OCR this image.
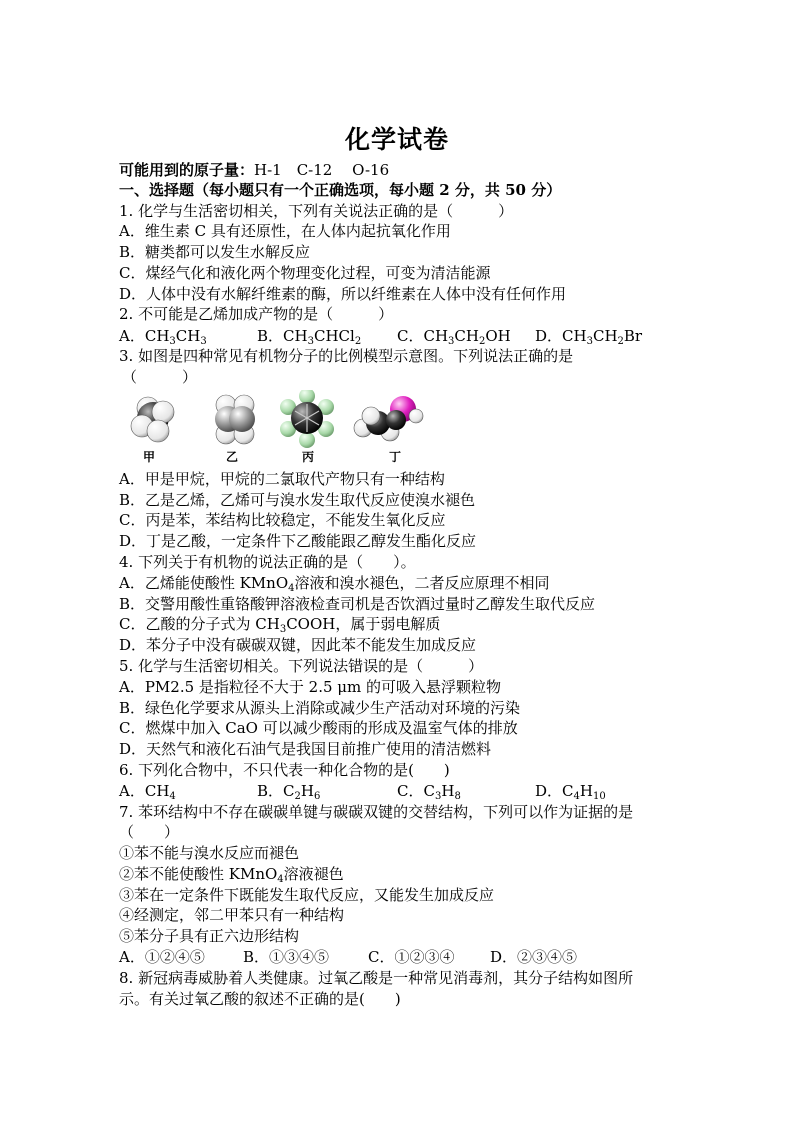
化学试卷
可能用到的原子量：H-1　C-12　 O-16
一、选择题（每小题只有一个正确选项，每小题 2 分，共 50 分）
1. 化学与生活密切相关，下列有关说法正确的是（　　　）
A．维生素 C 具有还原性，在人体内起抗氧化作用
B．糖类都可以发生水解反应
C．煤经气化和液化两个物理变化过程，可变为清洁能源
D．人体中没有水解纤维素的酶，所以纤维素在人体中没有任何作用
2. 不可能是乙烯加成产物的是（　　　）
A．$CH_3CH_3$	B．$CH_3CHCl_2$ C．$CH_3CH_2OH$ D．$CH_3CH_2Br$
3. 如图是四种常见有机物分子的比例模型示意图。下列说法正确的是
（　　　）
甲	乙	丙	丁
A．甲是甲烷，甲烷的二氯取代产物只有一种结构
B．乙是乙烯，乙烯可与溴水发生取代反应使溴水褪色
C．丙是苯，苯结构比较稳定，不能发生氧化反应
D．丁是乙酸，一定条件下乙酸能跟乙醇发生酯化反应
4. 下列关于有机物的说法正确的是（　　）。
A．乙烯能使酸性 KMnO$_4$溶液和溴水褪色，二者反应原理不相同
B．交警用酸性重铬酸钾溶液检查司机是否饮酒过量时乙醇发生取代反应
C．乙酸的分子式为 $CH_3COOH$，属于弱电解质
D．苯分子中没有碳碳双键，因此苯不能发生加成反应
5. 化学与生活密切相关。下列说法错误的是（　　　）
A．PM2.5 是指粒径不大于 2.5 μm 的可吸入悬浮颗粒物
B．绿色化学要求从源头上消除或减少生产活动对环境的污染
C．燃煤中加入 CaO 可以减少酸雨的形成及温室气体的排放
D．天然气和液化石油气是我国目前推广使用的清洁燃料
6. 下列化合物中，不只代表一种化合物的是(　　)
A．$CH_4$	B．$C_2H_6$	C．$C_3H_8$	D．$C_4H_{10}$
7. 苯环结构中不存在碳碳单键与碳碳双键的交替结构，下列可以作为证据的是
（　　）
①苯不能与溴水反应而褪色
②苯不能使酸性 KMnO$_4$溶液褪色
③苯在一定条件下既能发生取代反应，又能发生加成反应
④经测定，邻二甲苯只有一种结构
⑤苯分子具有正六边形结构
A．①②④⑤	B．①③④⑤	C．①②③④ D．②③④⑤
8. 新冠病毒威胁着人类健康。过氧乙酸是一种常见消毒剂，其分子结构如图所
示。有关过氧乙酸的叙述不正确的是(　　)
